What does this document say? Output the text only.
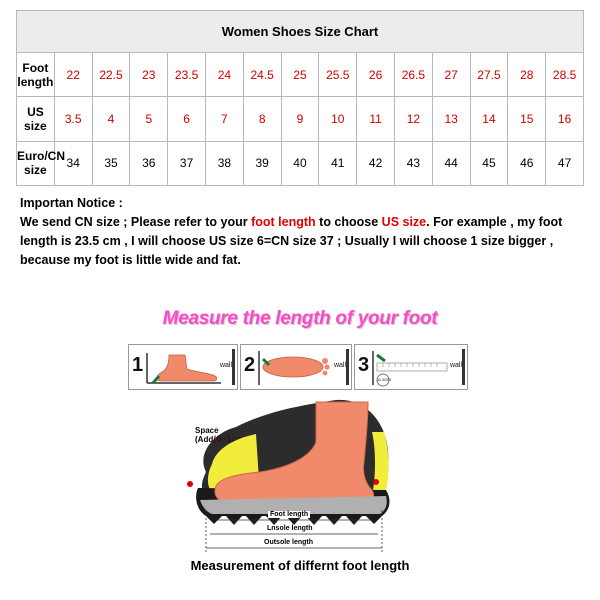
Women Shoes Size Chart														
Foot length	22	22.5	23	23.5	24	24.5	25	25.5	26	26.5	27	27.5	28	28.5
US size	3.5	4	5	6	7	8	9	10	11	12	13	14	15	16
Euro/CN size	34	35	36	37	38	39	40	41	42	43	44	45	46	47
Importan Notice :
We send CN size ; Please refer to your foot length to choose US size. For example , my foot length is 23.5 cm , I will choose US size 6=CN size 37 ; Usually I will choose 1 size bigger , because my foot is little wide and fat.
Measure the length of your foot
1	wall 2	wall 3
11.5CM
wall
Space
(Add
Foot length
Lnsole length
Outsole length
Measurement of differnt foot length
